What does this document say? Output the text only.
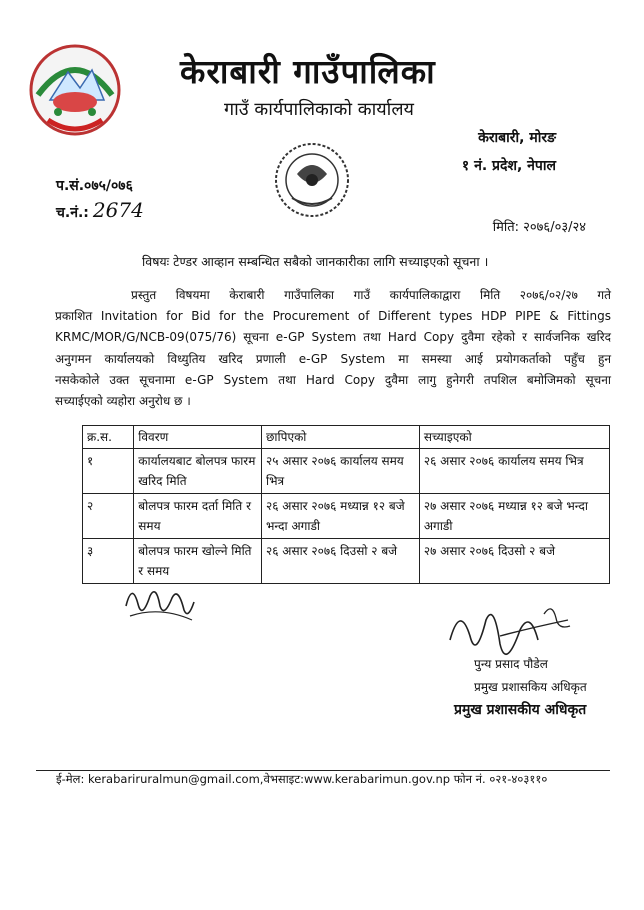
केराबारी गाउँपालिका
गाउँ कार्यपालिकाको कार्यालय
केराबारी, मोरङ
१ नं. प्रदेश, नेपाल
प.सं.०७५/०७६
च.नं.: 2674
मिति: २०७६/०३/२४
विषयः टेण्डर आव्हान सम्बन्धित सबैको जानकारीका लागि सच्याइएको सूचना ।
प्रस्तुत विषयमा केराबारी गाउँपालिका गाउँ कार्यपालिकाद्वारा मिति २०७६/०२/२७ गते
प्रकाशित Invitation for Bid for the Procurement of Different types HDP PIPE & Fittings
KRMC/MOR/G/NCB-09(075/76) सूचना e-GP System तथा Hard Copy दुवैमा रहेको र सार्वजनिक खरिद
अनुगमन कार्यालयको विध्युतिय खरिद प्रणाली e-GP System मा समस्या आई प्रयोगकर्ताको पहुँच हुन
नसकेकोले उक्त सूचनामा e-GP System तथा Hard Copy दुवैमा लागु हुनेगरी तपशिल बमोजिमको सूचना
सच्याईएको व्यहोरा अनुरोध छ ।
क्र.स.	विवरण	छापिएको	सच्याइएको
१	कार्यालयबाट बोलपत्र फारम खरिद मिति	२५ असार २०७६ कार्यालय समय भित्र	२६ असार २०७६ कार्यालय समय भित्र
२	बोलपत्र फारम दर्ता मिति र समय	२६ असार २०७६ मध्यान्न १२ बजे भन्दा अगाडी	२७ असार २०७६ मध्यान्न १२ बजे भन्दा अगाडी
३	बोलपत्र फारम खोल्ने मिति र समय	२६ असार २०७६ दिउसो २ बजे	२७ असार २०७६ दिउसो २ बजे
पुन्य प्रसाद पौडेल
प्रमुख प्रशासकिय अधिकृत
प्रमुख प्रशासकीय अधिकृत
ई-मेल: kerabariruralmun@gmail.com,वेभसाइट:www.kerabarimun.gov.np फोन नं. ०२१-४०३११०
